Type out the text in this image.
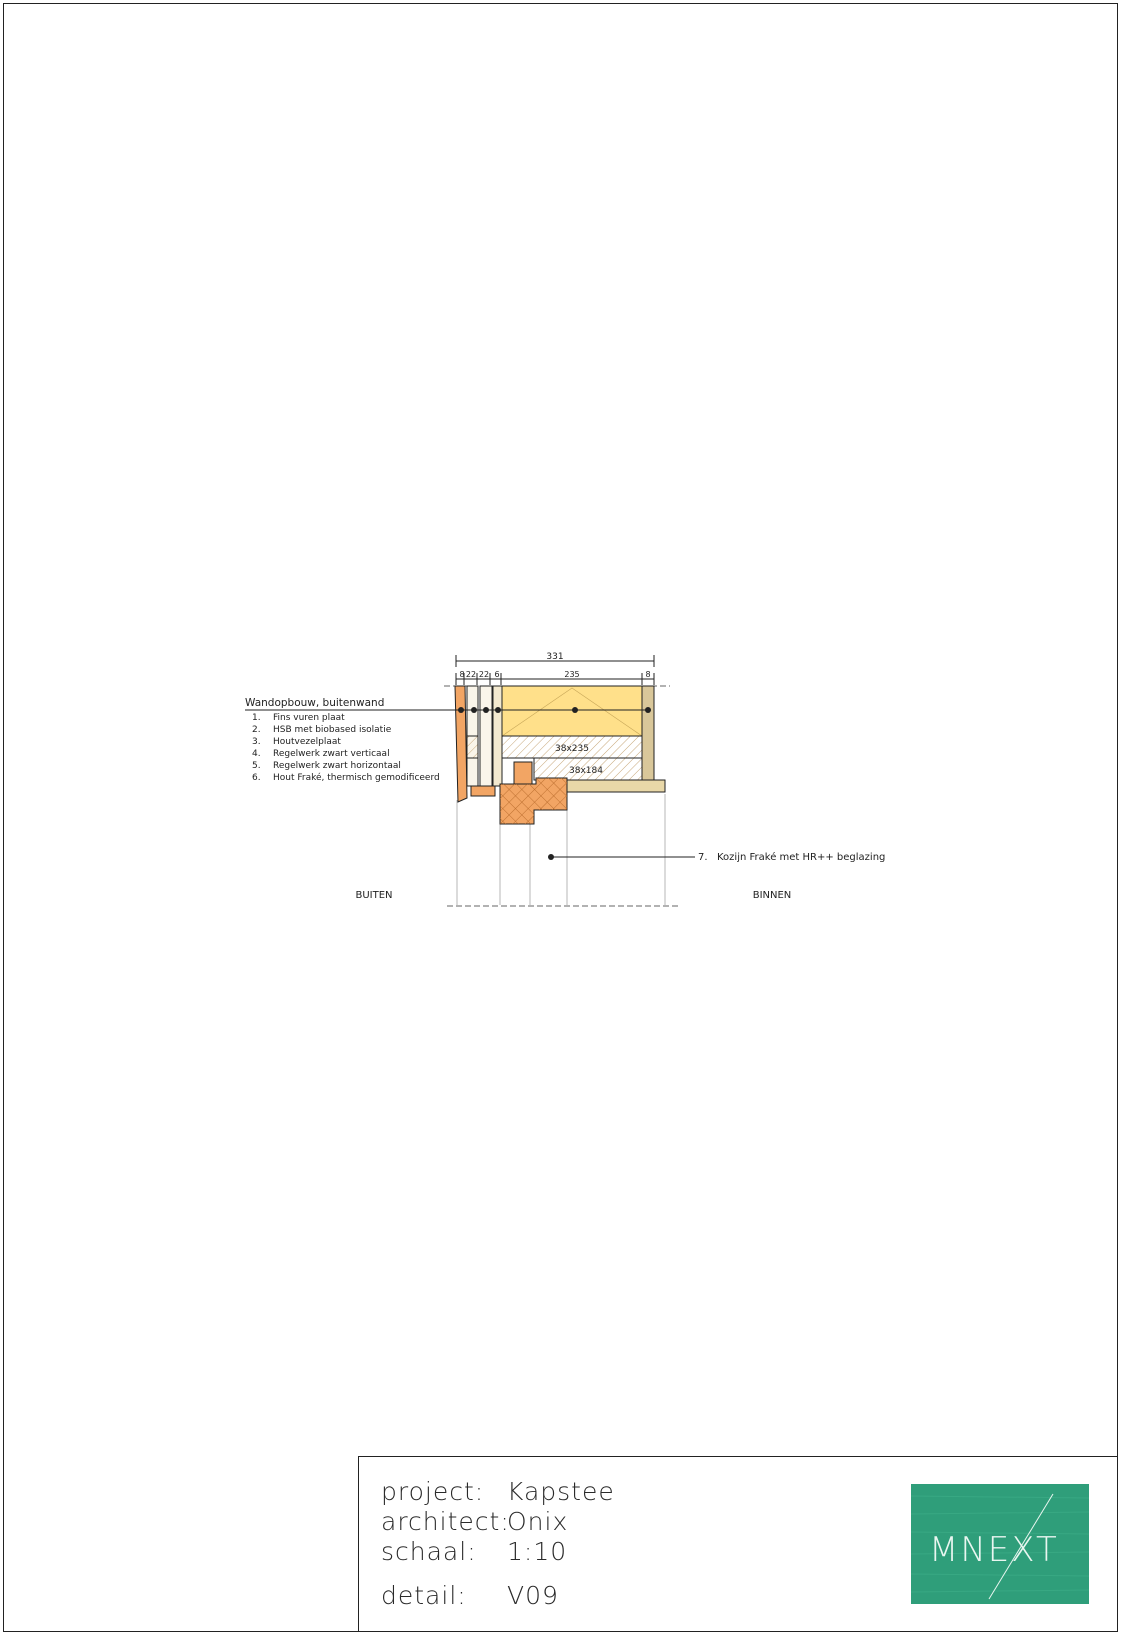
331
8 22 22 6	235	8
38x235
38x184
Wandopbouw, buitenwand
1. Fins vuren plaat
2. HSB met biobased isolatie
3. Houtvezelplaat
4. Regelwerk zwart verticaal
5. Regelwerk zwart horizontaal
6. Hout Fraké, thermisch gemodificeerd
7. Kozijn Fraké met HR++ beglazing
BUITEN	BINNEN
project: Kapstee
architect:
Onix
schaal: 1:10
detail: V09
MNEXT
